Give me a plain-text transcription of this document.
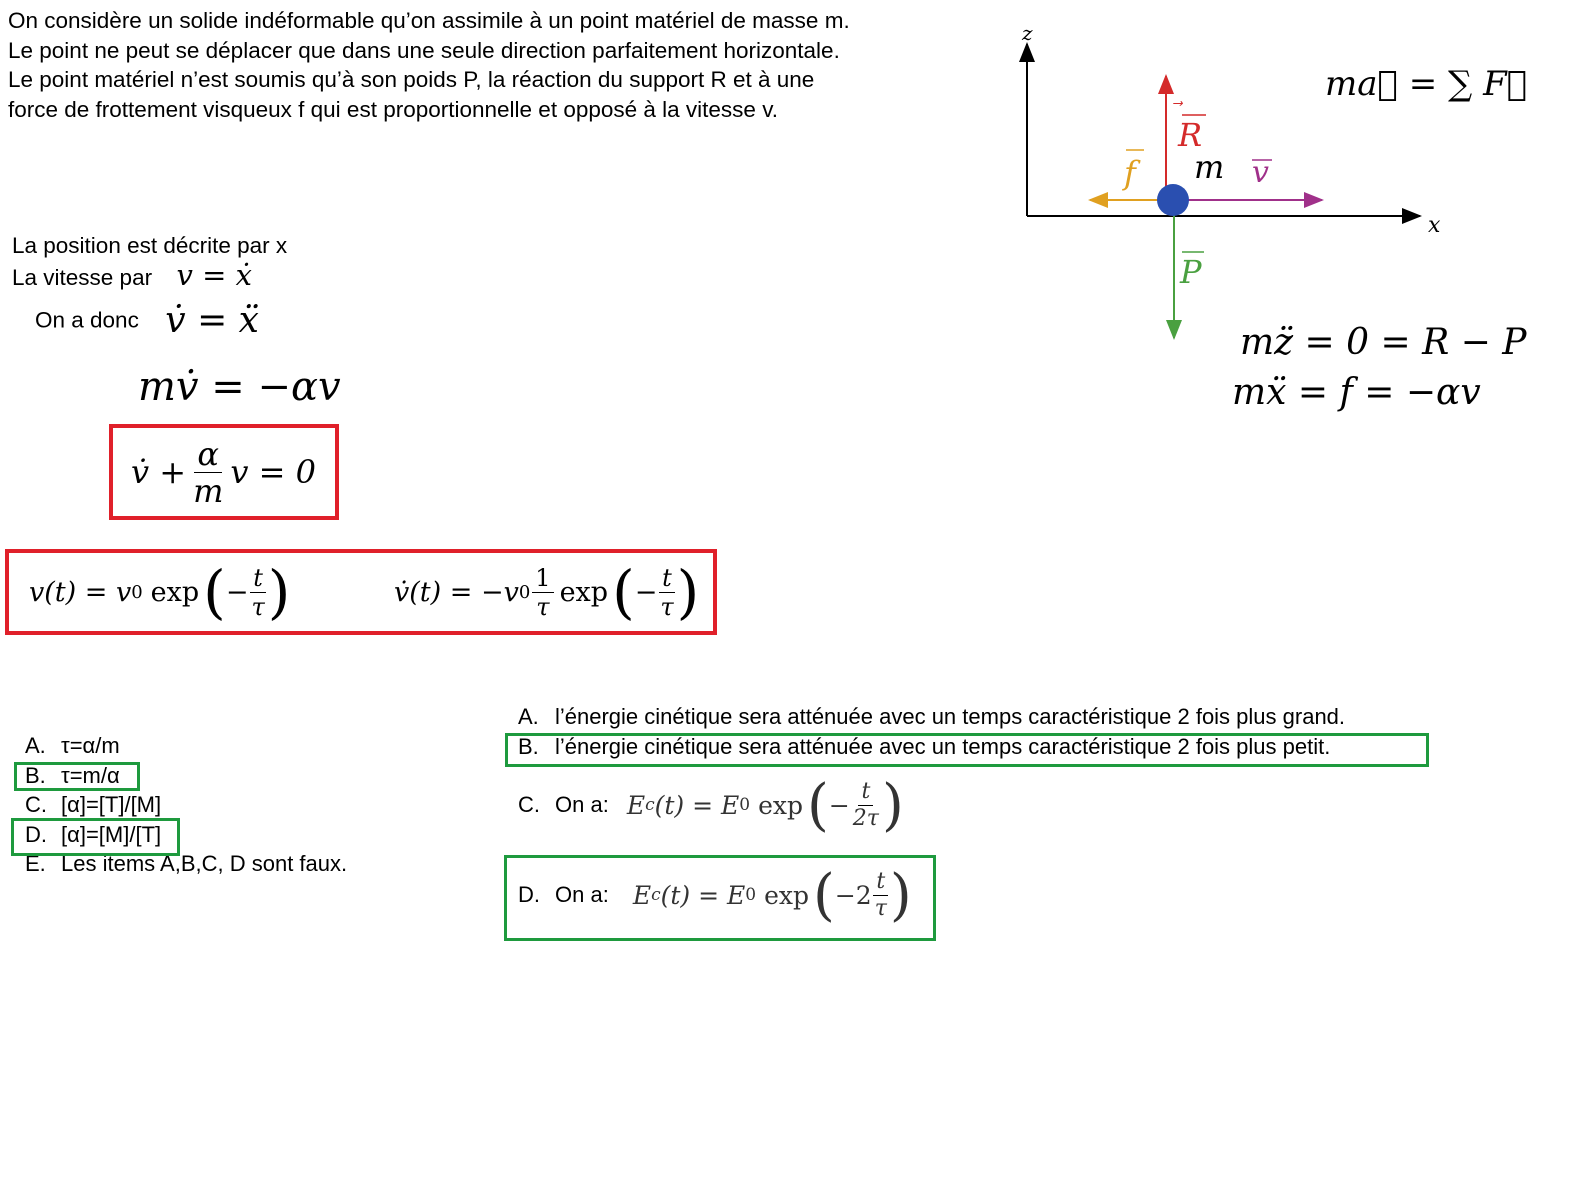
On considère un solide indéformable qu’on assimile à un point matériel de masse m.
Le point ne peut se déplacer que dans une seule direction parfaitement horizontale.
Le point matériel n’est soumis qu’à son poids P, la réaction du support R et à une
force de frottement visqueux f qui est proportionnelle et opposé à la vitesse v.
La position est décrite par x
La vitesse par v = ẋ
On a donc v̇ = ẍ
mv̇ = −αv
v̇ + $\frac{\alpha}{m}$ v = 0
v(t) = v 0 exp ( − $\frac{t}{\tau}$ )	v̇(t) = −v $0 \frac{1}{\tau}$ exp ( − $\frac{t}{\tau}$ )
z
x
R
f m v
P
ma⃗ = ∑ F⃗
mz̈ = 0 = R − P
mẍ = f = −αv
A. τ=α/m
B. τ=m/α
C. [α]=[T]/[M]
D. [α]=[M]/[T]
E. Les items A,B,C, D sont faux.
A. l’énergie cinétique sera atténuée avec un temps caractéristique 2 fois plus grand.
B. l’énergie cinétique sera atténuée avec un temps caractéristique 2 fois plus petit.
C. On a: E c (t) = E 0 exp ( − $\frac{t}{2\tau}$ )
D. On a: E c (t) = E 0 exp ( $-2 \frac{t}{\tau}$ )
